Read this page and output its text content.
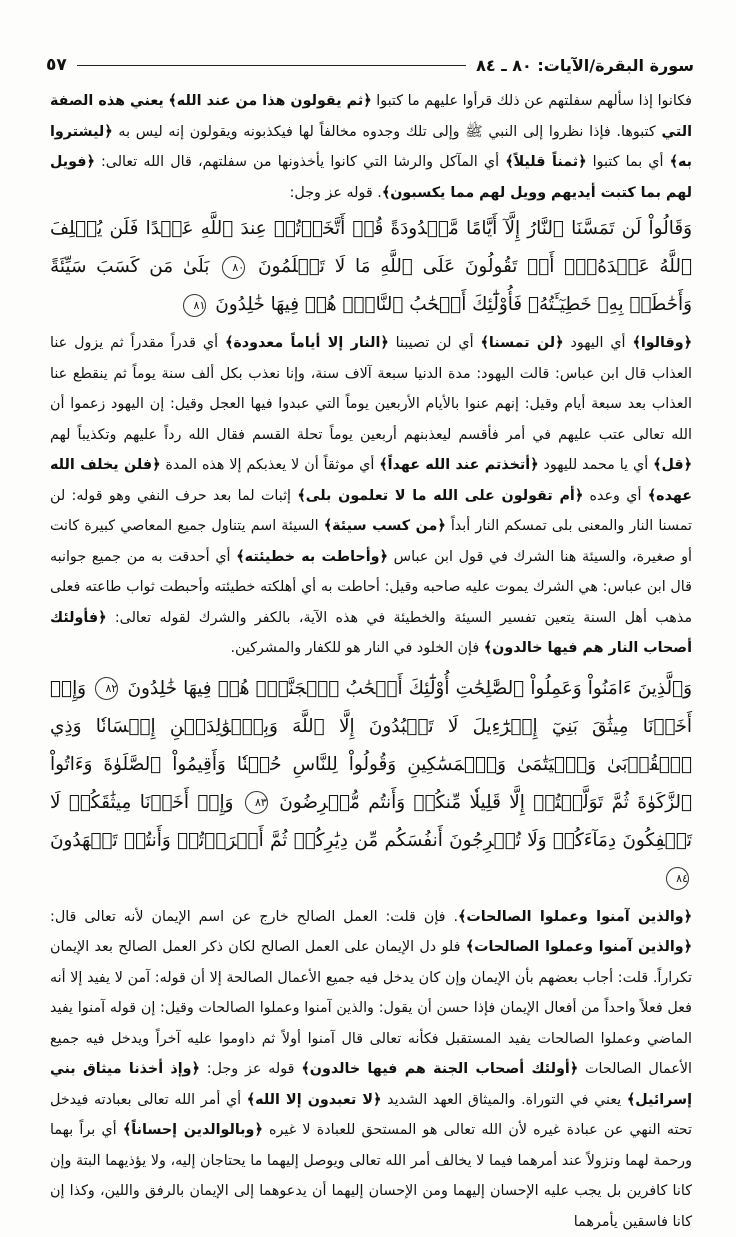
سورة البقرة/الآيات: ٨٠ ـ ٨٤
٥٧

فكانوا إذا سألهم سفلتهم عن ذلك قرأوا عليهم ما كتبوا ﴿ثم يقولون هذا من عند الله﴾ يعني هذه الصفة التي كتبوها. فإذا نظروا إلى النبي ﷺ وإلى تلك وجدوه مخالفاً لها فيكذبونه ويقولون إنه ليس به ﴿ليشتروا به﴾ أي بما كتبوا ﴿ثمناً قليلاً﴾ أي المآكل والرشا التي كانوا يأخذونها من سفلتهم، قال الله تعالى: ﴿فويل لهم بما كتبت أيديهم وويل لهم مما يكسبون﴾. قوله عز وجل:

وَقَالُواْ لَن تَمَسَّنَا ٱلنَّارُ إِلَّآ أَيَّامًا مَّعۡدُودَةً قُلۡ أَتَّخَذۡتُمۡ عِندَ ٱللَّهِ عَهۡدًا فَلَن يُخۡلِفَ ٱللَّهُ عَهۡدَهُۥٓۖ أَمۡ تَقُولُونَ عَلَى ٱللَّهِ مَا لَا تَعۡلَمُونَ ٨٠ بَلَىٰ مَن كَسَبَ سَيِّئَةً وَأَحَٰطَتۡ بِهِۦ خَطِيٓـَٔتُهُۥ فَأُوْلَٰٓئِكَ أَصۡحَٰبُ ٱلنَّارِۖ هُمۡ فِيهَا خَٰلِدُونَ ٨١

﴿وقالوا﴾ أي اليهود ﴿لن تمسنا﴾ أي لن تصيبنا ﴿النار إلا أياماً معدودة﴾ أي قدراً مقدراً ثم يزول عنا العذاب قال ابن عباس: قالت اليهود: مدة الدنيا سبعة آلاف سنة، وإنا نعذب بكل ألف سنة يوماً ثم ينقطع عنا العذاب بعد سبعة أيام وقيل: إنهم عنوا بالأيام الأربعين يوماً التي عبدوا فيها العجل وقيل: إن اليهود زعموا أن الله تعالى عتب عليهم في أمر فأقسم ليعذبنهم أربعين يوماً تحلة القسم فقال الله رداً عليهم وتكذيباً لهم ﴿قل﴾ أي يا محمد لليهود ﴿أتخذتم عند الله عهداً﴾ أي موثقاً أن لا يعذبكم إلا هذه المدة ﴿فلن يخلف الله عهده﴾ أي وعده ﴿أم تقولون على الله ما لا تعلمون بلى﴾ إثبات لما بعد حرف النفي وهو قوله: لن تمسنا النار والمعنى بلى تمسكم النار أبداً ﴿من كسب سيئة﴾ السيئة اسم يتناول جميع المعاصي كبيرة كانت أو صغيرة، والسيئة هنا الشرك في قول ابن عباس ﴿وأحاطت به خطيئته﴾ أي أحدقت به من جميع جوانبه قال ابن عباس: هي الشرك يموت عليه صاحبه وقيل: أحاطت به أي أهلكته خطيئته وأحبطت ثواب طاعته فعلى مذهب أهل السنة يتعين تفسير السيئة والخطيئة في هذه الآية، بالكفر والشرك لقوله تعالى: ﴿فأولئك أصحاب النار هم فيها خالدون﴾ فإن الخلود في النار هو للكفار والمشركين.

وَٱلَّذِينَ ءَامَنُواْ وَعَمِلُواْ ٱلصَّٰلِحَٰتِ أُوْلَٰٓئِكَ أَصۡحَٰبُ ٱلۡجَنَّةِۖ هُمۡ فِيهَا خَٰلِدُونَ ٨٢ وَإِذۡ أَخَذۡنَا مِيثَٰقَ بَنِيٓ إِسۡرَٰٓءِيلَ لَا تَعۡبُدُونَ إِلَّا ٱللَّهَ وَبِٱلۡوَٰلِدَيۡنِ إِحۡسَانٗا وَذِي ٱلۡقُرۡبَىٰ وَٱلۡيَتَٰمَىٰ وَٱلۡمَسَٰكِينِ وَقُولُواْ لِلنَّاسِ حُسۡنٗا وَأَقِيمُواْ ٱلصَّلَوٰةَ وَءَاتُواْ ٱلزَّكَوٰةَ ثُمَّ تَوَلَّيۡتُمۡ إِلَّا قَلِيلٗا مِّنكُمۡ وَأَنتُم مُّعۡرِضُونَ ٨٣ وَإِذۡ أَخَذۡنَا مِيثَٰقَكُمۡ لَا تَسۡفِكُونَ دِمَآءَكُمۡ وَلَا تُخۡرِجُونَ أَنفُسَكُم مِّن دِيَٰرِكُمۡ ثُمَّ أَقۡرَرۡتُمۡ وَأَنتُمۡ تَشۡهَدُونَ ٨٤

﴿والذين آمنوا وعملوا الصالحات﴾. فإن قلت: العمل الصالح خارج عن اسم الإيمان لأنه تعالى قال: ﴿والذين آمنوا وعملوا الصالحات﴾ فلو دل الإيمان على العمل الصالح لكان ذكر العمل الصالح بعد الإيمان تكراراً. قلت: أجاب بعضهم بأن الإيمان وإن كان يدخل فيه جميع الأعمال الصالحة إلا أن قوله: آمن لا يفيد إلا أنه فعل فعلاً واحداً من أفعال الإيمان فإذا حسن أن يقول: والذين آمنوا وعملوا الصالحات وقيل: إن قوله آمنوا يفيد الماضي وعملوا الصالحات يفيد المستقبل فكأنه تعالى قال آمنوا أولاً ثم داوموا عليه آخراً ويدخل فيه جميع الأعمال الصالحات ﴿أولئك أصحاب الجنة هم فيها خالدون﴾ قوله عز وجل: ﴿وإذ أخذنا ميثاق بني إسرائيل﴾ يعني في التوراة. والميثاق العهد الشديد ﴿لا تعبدون إلا الله﴾ أي أمر الله تعالى بعبادته فيدخل تحته النهي عن عبادة غيره لأن الله تعالى هو المستحق للعبادة لا غيره ﴿وبالوالدين إحساناً﴾ أي براً بهما ورحمة لهما ونزولاً عند أمرهما فيما لا يخالف أمر الله تعالى ويوصل إليهما ما يحتاجان إليه، ولا يؤذيهما البتة وإن كانا كافرين بل يجب عليه الإحسان إليهما ومن الإحسان إليهما أن يدعوهما إلى الإيمان بالرفق واللين، وكذا إن كانا فاسقين يأمرهما
